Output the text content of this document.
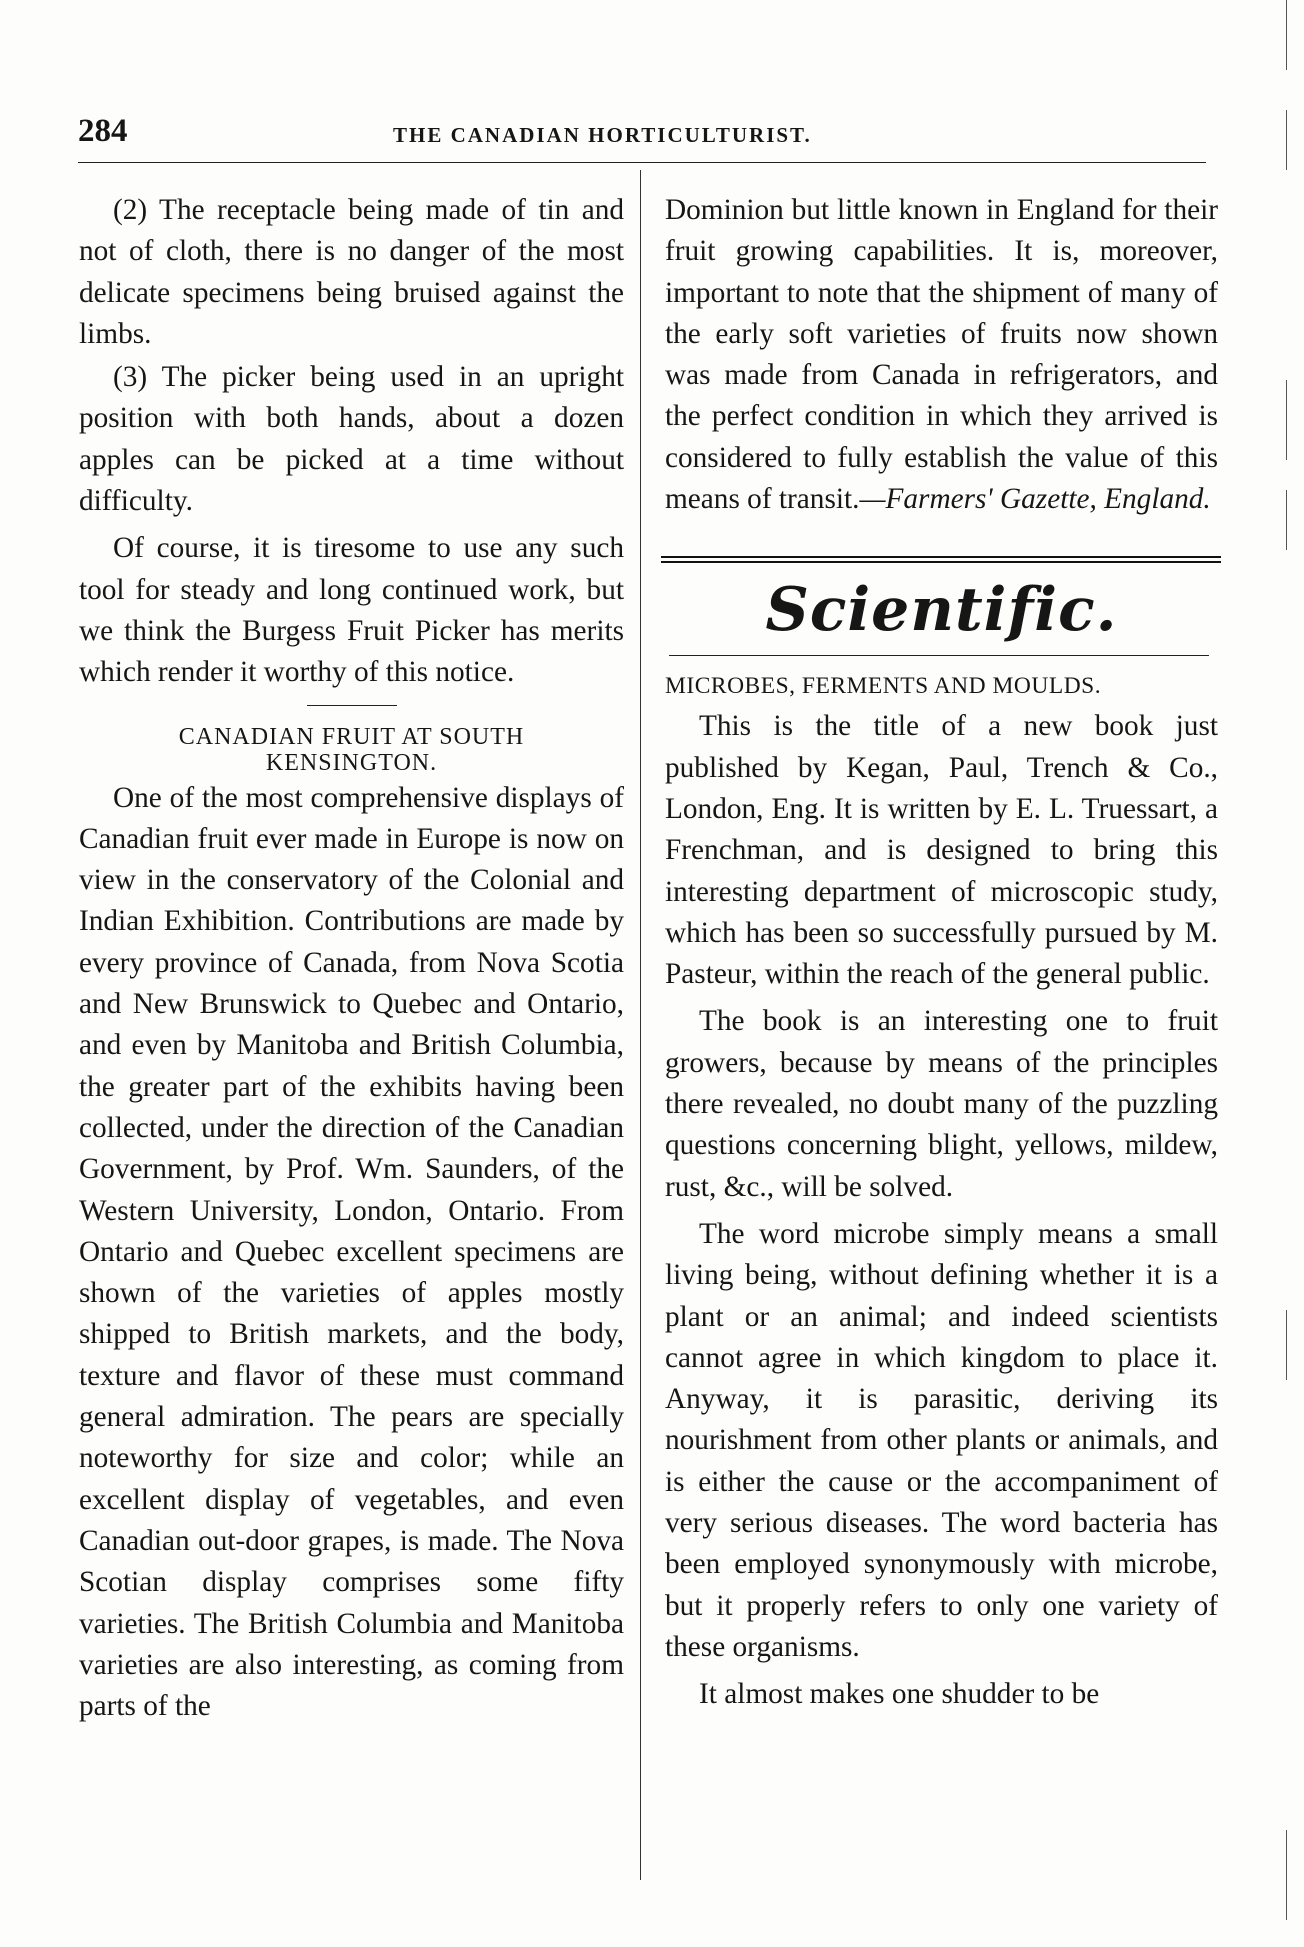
284	THE CANADIAN HORTICULTURIST.

(2) The receptacle being made of tin and not of cloth, there is no danger of the most delicate specimens being bruised against the limbs.

(3) The picker being used in an upright position with both hands, about a dozen apples can be picked at a time without difficulty.

Of course, it is tiresome to use any such tool for steady and long continued work, but we think the Burgess Fruit Picker has merits which render it worthy of this notice.

CANADIAN FRUIT AT SOUTH
KENSINGTON.

One of the most comprehensive displays of Canadian fruit ever made in Europe is now on view in the conservatory of the Colonial and Indian Exhibition. Contributions are made by every province of Canada, from Nova Scotia and New Brunswick to Quebec and Ontario, and even by Manitoba and British Columbia, the greater part of the exhibits having been collected, under the direction of the Canadian Government, by Prof. Wm. Saunders, of the Western University, London, Ontario. From Ontario and Quebec excellent specimens are shown of the varieties of apples mostly shipped to British markets, and the body, texture and flavor of these must command general admiration. The pears are specially noteworthy for size and color; while an excellent display of vegetables, and even Canadian out-door grapes, is made. The Nova Scotian display comprises some fifty varieties. The British Columbia and Manitoba varieties are also interesting, as coming from parts of the

Dominion but little known in England for their fruit growing capabilities. It is, moreover, important to note that the shipment of many of the early soft varieties of fruits now shown was made from Canada in refrigerators, and the perfect condition in which they arrived is considered to fully establish the value of this means of transit.—Farmers' Gazette, England.

Scientific.
MICROBES, FERMENTS AND MOULDS.

This is the title of a new book just published by Kegan, Paul, Trench & Co., London, Eng. It is written by E. L. Truessart, a Frenchman, and is designed to bring this interesting department of microscopic study, which has been so successfully pursued by M. Pasteur, within the reach of the general public.

The book is an interesting one to fruit growers, because by means of the principles there revealed, no doubt many of the puzzling questions concerning blight, yellows, mildew, rust, &c., will be solved.

The word microbe simply means a small living being, without defining whether it is a plant or an animal; and indeed scientists cannot agree in which kingdom to place it. Anyway, it is parasitic, deriving its nourishment from other plants or animals, and is either the cause or the accompaniment of very serious diseases. The word bacteria has been employed synonymously with microbe, but it properly refers to only one variety of these organisms.

It almost makes one shudder to be
